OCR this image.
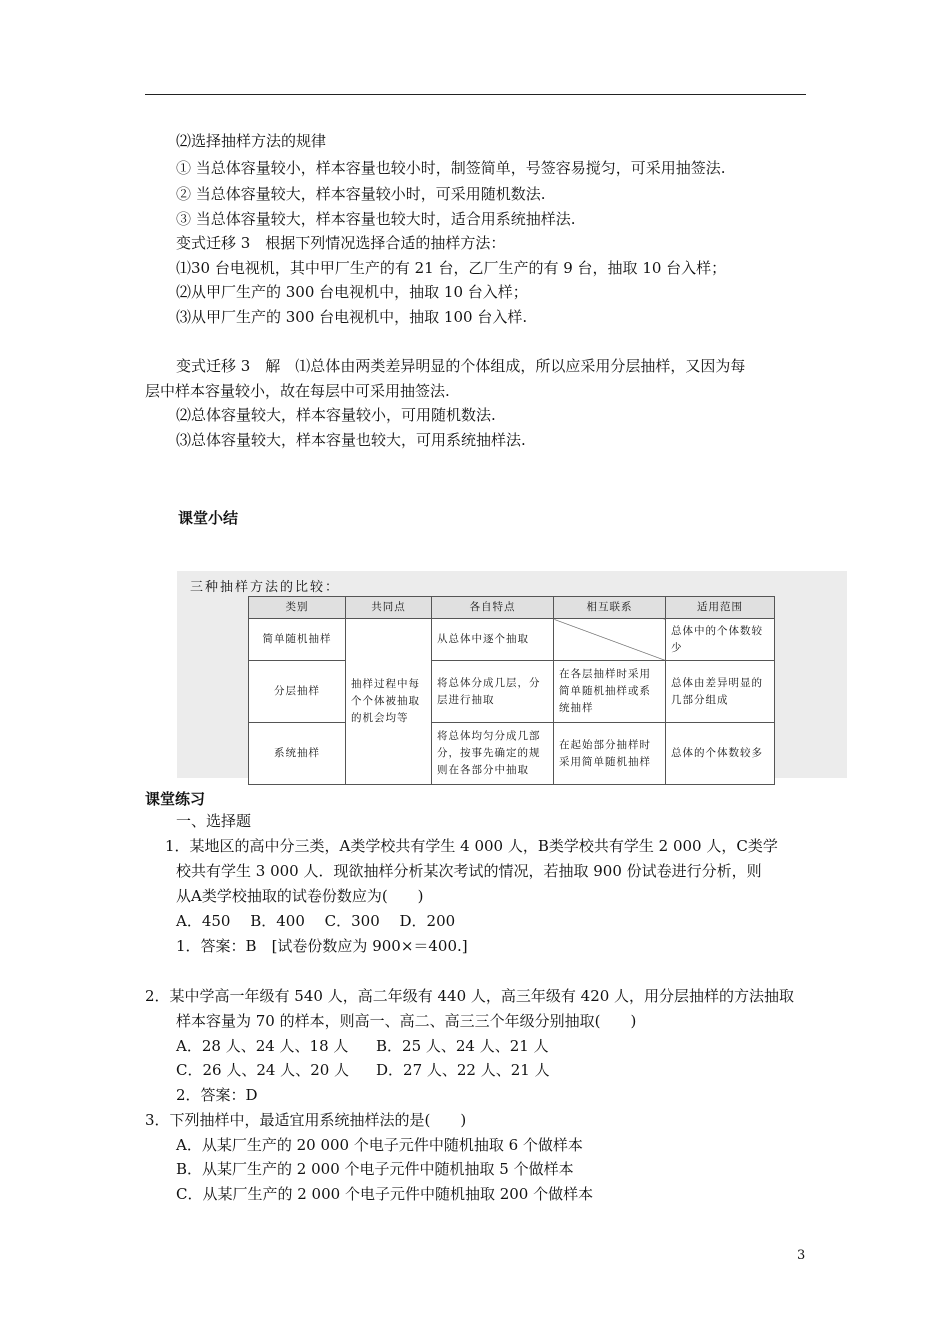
⑵选择抽样方法的规律
① 当总体容量较小，样本容量也较小时，制签简单，号签容易搅匀，可采用抽签法.
② 当总体容量较大，样本容量较小时，可采用随机数法.
③ 当总体容量较大，样本容量也较大时，适合用系统抽样法.
变式迁移 3　根据下列情况选择合适的抽样方法：
⑴30 台电视机，其中甲厂生产的有 21 台，乙厂生产的有 9 台，抽取 10 台入样；
⑵从甲厂生产的 300 台电视机中，抽取 10 台入样；
⑶从甲厂生产的 300 台电视机中，抽取 100 台入样.
变式迁移 3　解　⑴总体由两类差异明显的个体组成，所以应采用分层抽样，又因为每
层中样本容量较小，故在每层中可采用抽签法.
⑵总体容量较大，样本容量较小，可用随机数法.
⑶总体容量较大，样本容量也较大，可用系统抽样法.
课堂小结
三种抽样方法的比较：
类别	共同点	各自特点	相互联系	适用范围
简单随机抽样	抽样过程中每个个体被抽取的机会均等	从总体中逐个抽取		总体中的个体数较少
分层抽样		将总体分成几层，分层进行抽取	在各层抽样时采用简单随机抽样或系统抽样	总体由差异明显的几部分组成
系统抽样		将总体均匀分成几部分，按事先确定的规则在各部分中抽取	在起始部分抽样时采用简单随机抽样	总体的个体数较多
课堂练习
一、选择题
1．某地区的高中分三类，A类学校共有学生 4 000 人，B类学校共有学生 2 000 人，C类学
校共有学生 3 000 人．现欲抽样分析某次考试的情况，若抽取 900 份试卷进行分析，则
从A类学校抽取的试卷份数应为(　　)
A．450　 B．400　 C．300　 D．200
1．答案：B　[试卷份数应为 900×＝400.]
2．某中学高一年级有 540 人，高二年级有 440 人，高三年级有 420 人，用分层抽样的方法抽取
样本容量为 70 的样本，则高一、高二、高三三个年级分别抽取(　　)
A．28 人、24 人、18 人 B．25 人、24 人、21 人
C．26 人、24 人、20 人 D．27 人、22 人、21 人
2．答案：D
3．下列抽样中，最适宜用系统抽样法的是(　　)
A．从某厂生产的 20 000 个电子元件中随机抽取 6 个做样本
B．从某厂生产的 2 000 个电子元件中随机抽取 5 个做样本
C．从某厂生产的 2 000 个电子元件中随机抽取 200 个做样本
3
